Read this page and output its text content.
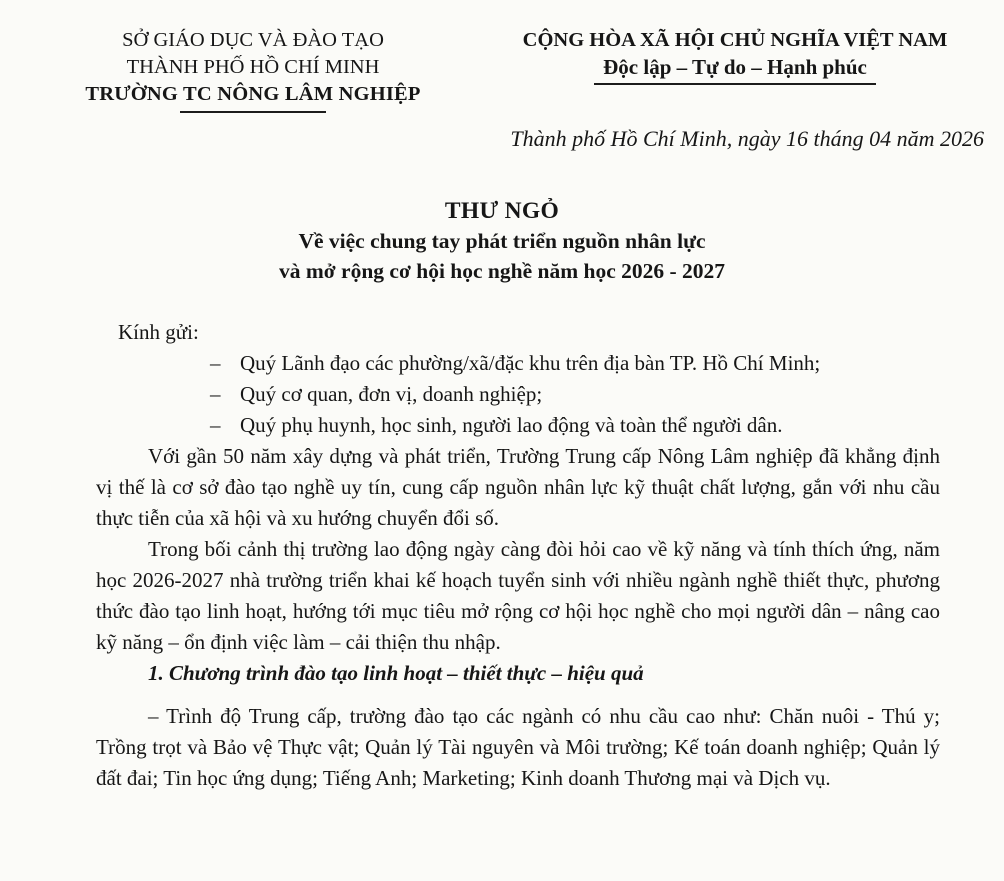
SỞ GIÁO DỤC VÀ ĐÀO TẠO
THÀNH PHỐ HỒ CHÍ MINH
TRƯỜNG TC NÔNG LÂM NGHIỆP
CỘNG HÒA XÃ HỘI CHỦ NGHĨA VIỆT NAM
Độc lập – Tự do – Hạnh phúc
Thành phố Hồ Chí Minh, ngày 16 tháng 04 năm 2026
THƯ NGỎ
Về việc chung tay phát triển nguồn nhân lực
và mở rộng cơ hội học nghề năm học 2026 - 2027
Kính gửi:
– Quý Lãnh đạo các phường/xã/đặc khu trên địa bàn TP. Hồ Chí Minh;
– Quý cơ quan, đơn vị, doanh nghiệp;
– Quý phụ huynh, học sinh, người lao động và toàn thể người dân.

Với gần 50 năm xây dựng và phát triển, Trường Trung cấp Nông Lâm nghiệp đã khẳng định vị thế là cơ sở đào tạo nghề uy tín, cung cấp nguồn nhân lực kỹ thuật chất lượng, gắn với nhu cầu thực tiễn của xã hội và xu hướng chuyển đổi số.

Trong bối cảnh thị trường lao động ngày càng đòi hỏi cao về kỹ năng và tính thích ứng, năm học 2026-2027 nhà trường triển khai kế hoạch tuyển sinh với nhiều ngành nghề thiết thực, phương thức đào tạo linh hoạt, hướng tới mục tiêu mở rộng cơ hội học nghề cho mọi người dân – nâng cao kỹ năng – ổn định việc làm – cải thiện thu nhập.

1. Chương trình đào tạo linh hoạt – thiết thực – hiệu quả

– Trình độ Trung cấp, trường đào tạo các ngành có nhu cầu cao như: Chăn nuôi - Thú y; Trồng trọt và Bảo vệ Thực vật; Quản lý Tài nguyên và Môi trường; Kế toán doanh nghiệp; Quản lý đất đai; Tin học ứng dụng; Tiếng Anh; Marketing; Kinh doanh Thương mại và Dịch vụ.
